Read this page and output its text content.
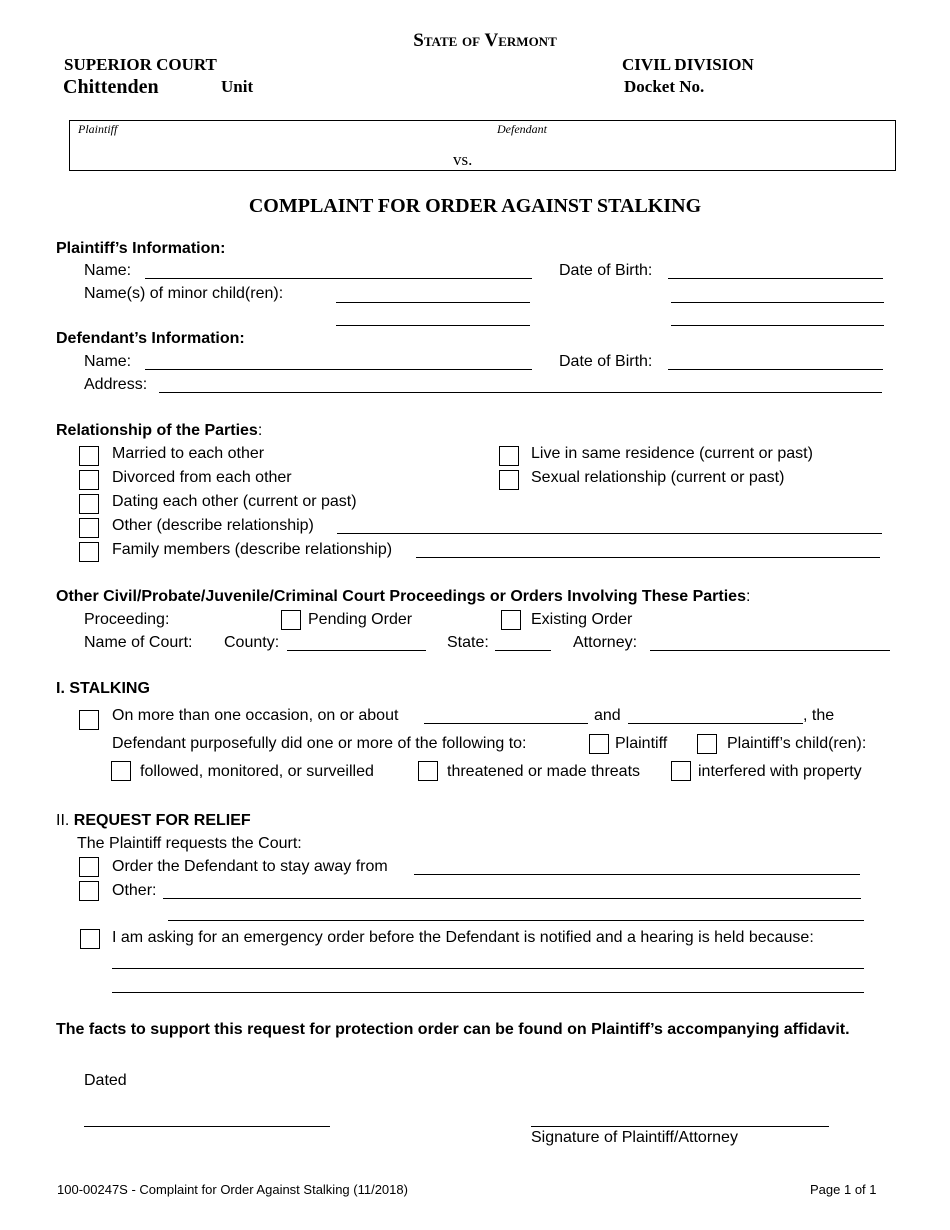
State of Vermont
SUPERIOR COURT	CIVIL DIVISION
Chittenden	Unit	Docket No.
Plaintiff	Defendant
vs.
COMPLAINT FOR ORDER AGAINST STALKING
Plaintiff’s Information:
Name:	Date of Birth:
Name(s) of minor child(ren):
Defendant’s Information:
Name:	Date of Birth:
Address:
Relationship of the Parties:
Married to each other
Divorced from each other
Dating each other (current or past)
Other (describe relationship)
Family members (describe relationship)
Live in same residence (current or past)
Sexual relationship (current or past)
Other Civil/Probate/Juvenile/Criminal Court Proceedings or Orders Involving These Parties:
Proceeding:	Pending Order	Existing Order
Name of Court: County:	State:	Attorney:
I. STALKING
On more than one occasion, on or about	and	, the
Defendant purposefully did one or more of the following to:	Plaintiff	Plaintiff’s child(ren):
followed, monitored, or surveilled	threatened or made threats	interfered with property
II. REQUEST FOR RELIEF
The Plaintiff requests the Court:
Order the Defendant to stay away from
Other:
I am asking for an emergency order before the Defendant is notified and a hearing is held because:
The facts to support this request for protection order can be found on Plaintiff’s accompanying affidavit.
Dated
Signature of Plaintiff/Attorney
100-00247S - Complaint for Order Against Stalking (11/2018)	Page 1 of 1
